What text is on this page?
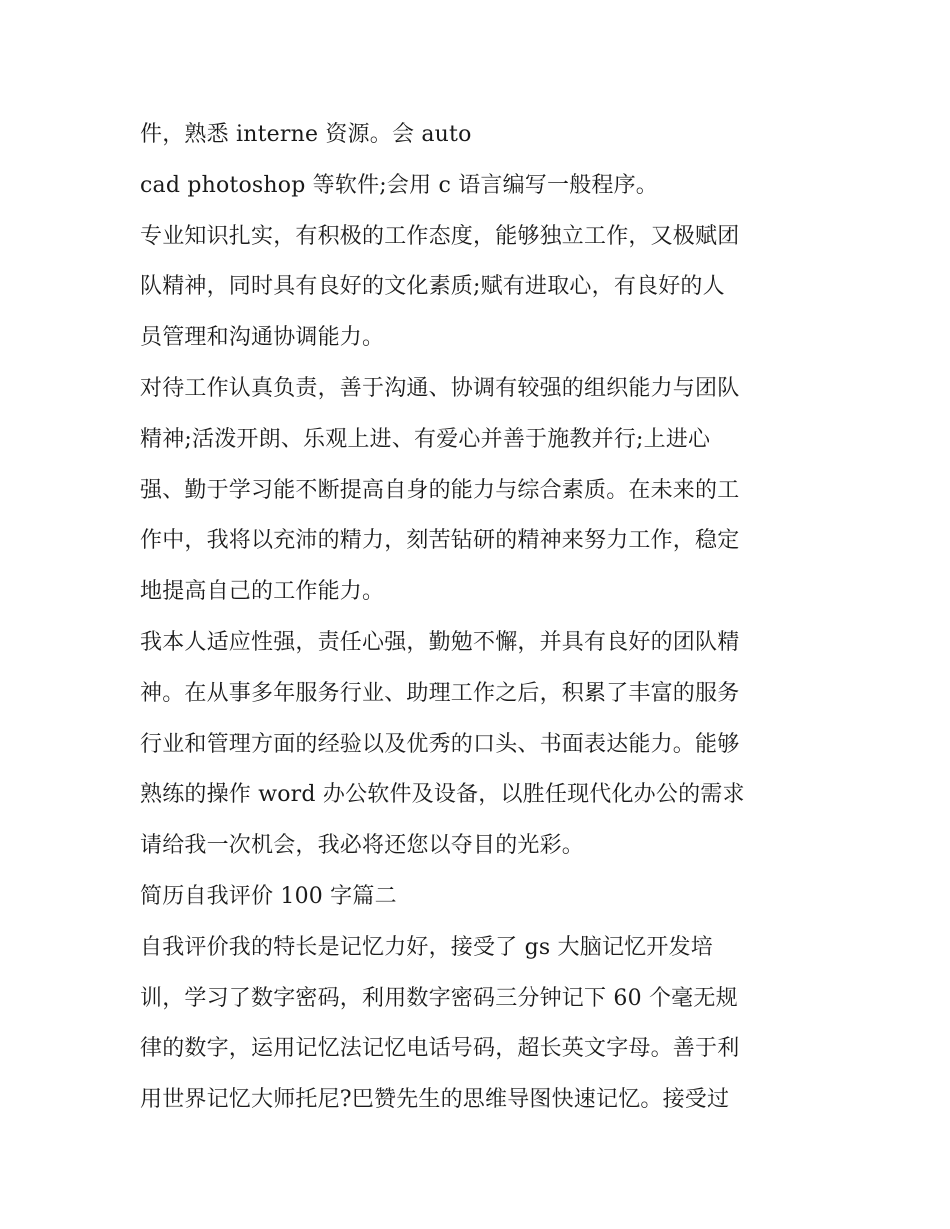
件，熟悉 interne 资源。会 auto
cad photoshop 等软件;会用 c 语言编写一般程序。
专业知识扎实，有积极的工作态度，能够独立工作，又极赋团
队精神，同时具有良好的文化素质;赋有进取心，有良好的人
员管理和沟通协调能力。
对待工作认真负责，善于沟通、协调有较强的组织能力与团队
精神;活泼开朗、乐观上进、有爱心并善于施教并行;上进心
强、勤于学习能不断提高自身的能力与综合素质。在未来的工
作中，我将以充沛的精力，刻苦钻研的精神来努力工作，稳定
地提高自己的工作能力。
我本人适应性强，责任心强，勤勉不懈，并具有良好的团队精
神。在从事多年服务行业、助理工作之后，积累了丰富的服务
行业和管理方面的经验以及优秀的口头、书面表达能力。能够
熟练的操作 word 办公软件及设备，以胜任现代化办公的需求
请给我一次机会，我必将还您以夺目的光彩。
简历自我评价 100 字篇二
自我评价我的特长是记忆力好，接受了 gs 大脑记忆开发培
训，学习了数字密码，利用数字密码三分钟记下 60 个毫无规
律的数字，运用记忆法记忆电话号码，超长英文字母。善于利
用世界记忆大师托尼?巴赞先生的思维导图快速记忆。接受过
